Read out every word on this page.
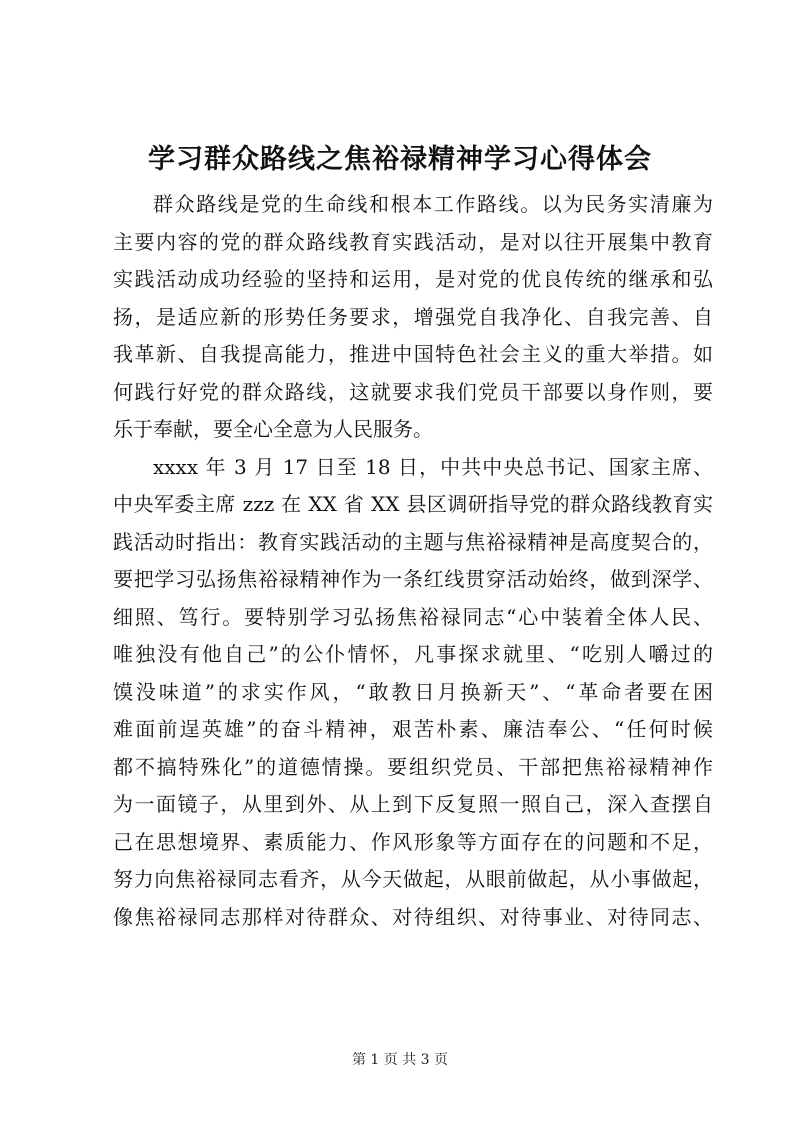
学习群众路线之焦裕禄精神学习心得体会
群众路线是党的生命线和根本工作路线。以为民务实清廉为
主要内容的党的群众路线教育实践活动，是对以往开展集中教育
实践活动成功经验的坚持和运用，是对党的优良传统的继承和弘
扬，是适应新的形势任务要求，增强党自我净化、自我完善、自
我革新、自我提高能力，推进中国特色社会主义的重大举措。如
何践行好党的群众路线，这就要求我们党员干部要以身作则，要
乐于奉献，要全心全意为人民服务。
xxxx 年 3 月 17 日至 18 日，中共中央总书记、国家主席、
中央军委主席 zzz 在 XX 省 XX 县区调研指导党的群众路线教育实
践活动时指出：教育实践活动的主题与焦裕禄精神是高度契合的，
要把学习弘扬焦裕禄精神作为一条红线贯穿活动始终，做到深学、
细照、笃行。要特别学习弘扬焦裕禄同志“心中装着全体人民、
唯独没有他自己”的公仆情怀，凡事探求就里、“吃别人嚼过的
馍没味道”的求实作风，“敢教日月换新天”、“革命者要在困
难面前逞英雄”的奋斗精神，艰苦朴素、廉洁奉公、“任何时候
都不搞特殊化”的道德情操。要组织党员、干部把焦裕禄精神作
为一面镜子，从里到外、从上到下反复照一照自己，深入查摆自
己在思想境界、素质能力、作风形象等方面存在的问题和不足，
努力向焦裕禄同志看齐，从今天做起，从眼前做起，从小事做起，
像焦裕禄同志那样对待群众、对待组织、对待事业、对待同志、
第 1 页 共 3 页
